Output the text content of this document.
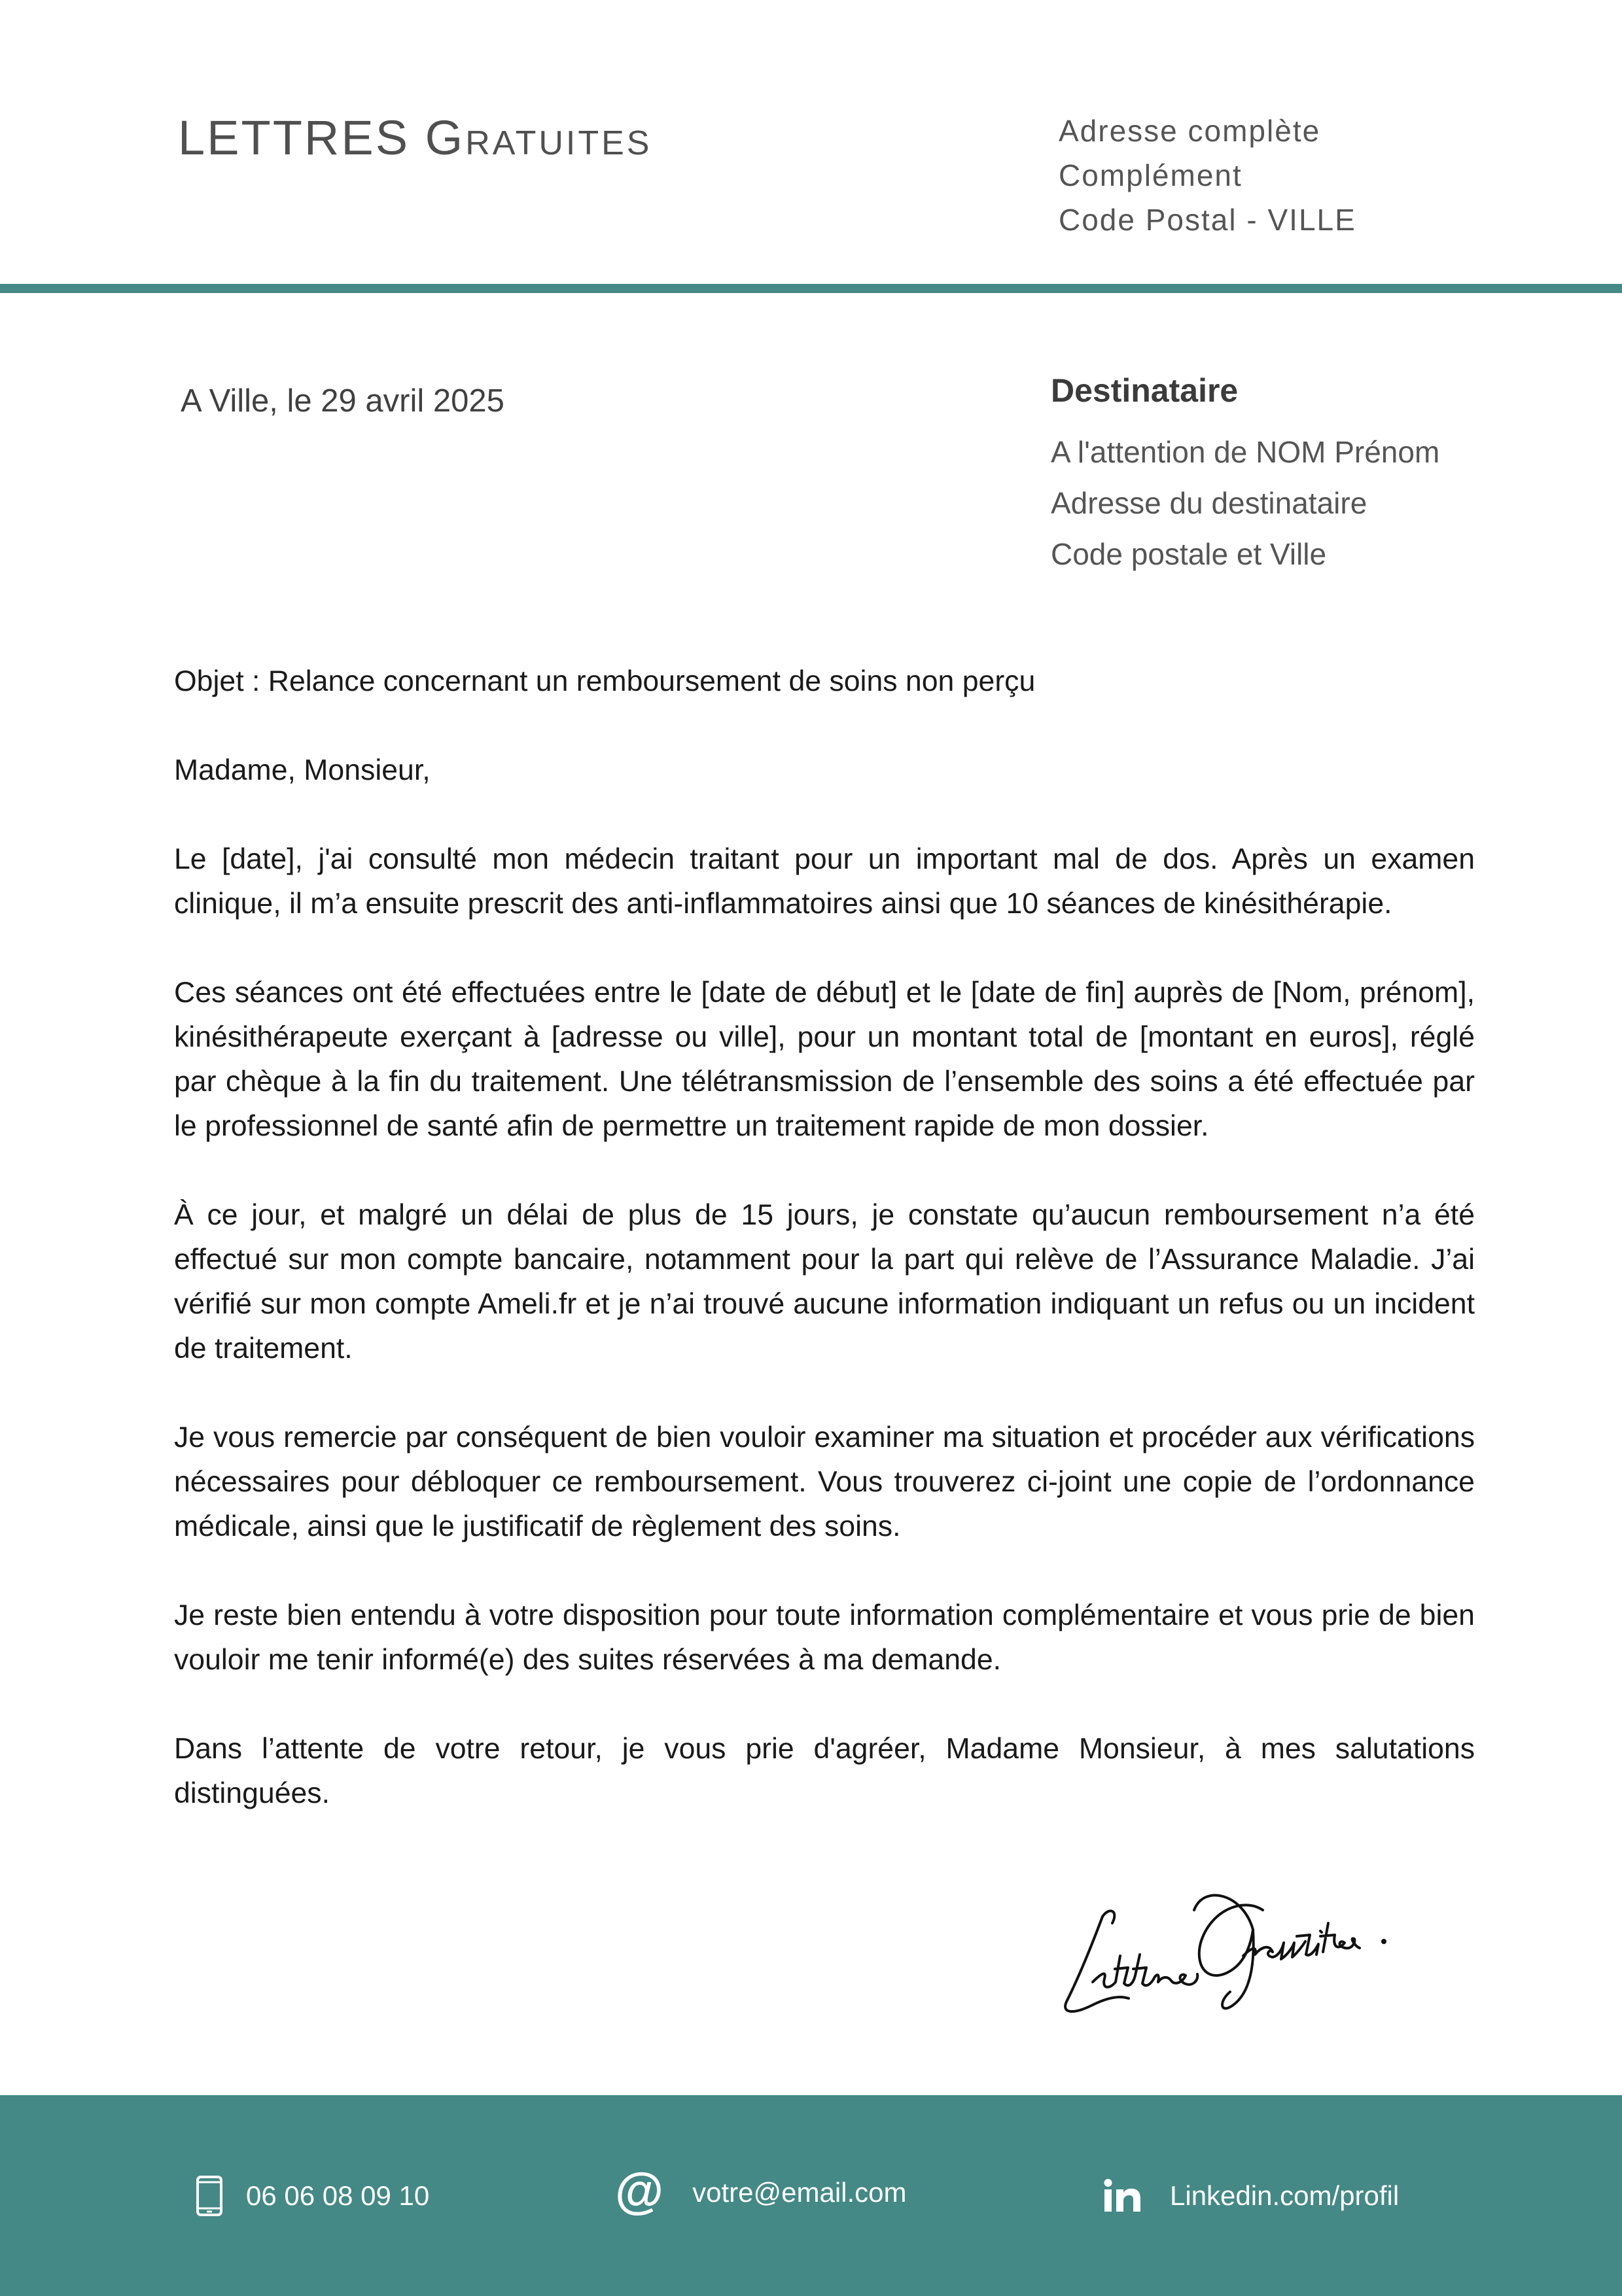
LETTRES Gratuites	Adresse complète
Complément
Code Postal - VILLE
A Ville, le 29 avril 2025	Destinataire
A l'attention de NOM Prénom
Adresse du destinataire
Code postale et Ville

Objet : Relance concernant un remboursement de soins non perçu

Madame, Monsieur,

Le [date], j'ai consulté mon médecin traitant pour un important mal de dos. Après un examen clinique, il m’a ensuite prescrit des anti-inflammatoires ainsi que 10 séances de kinésithérapie.

Ces séances ont été effectuées entre le [date de début] et le [date de fin] auprès de [Nom, prénom], kinésithérapeute exerçant à [adresse ou ville], pour un montant total de [montant en euros], réglé par chèque à la fin du traitement. Une télétransmission de l’ensemble des soins a été effectuée par le professionnel de santé afin de permettre un traitement rapide de mon dossier.

À ce jour, et malgré un délai de plus de 15 jours, je constate qu’aucun remboursement n’a été effectué sur mon compte bancaire, notamment pour la part qui relève de l’Assurance Maladie. J’ai vérifié sur mon compte Ameli.fr et je n’ai trouvé aucune information indiquant un refus ou un incident de traitement.

Je vous remercie par conséquent de bien vouloir examiner ma situation et procéder aux vérifications nécessaires pour débloquer ce remboursement. Vous trouverez ci-joint une copie de l’ordonnance médicale, ainsi que le justificatif de règlement des soins.

Je reste bien entendu à votre disposition pour toute information complémentaire et vous prie de bien vouloir me tenir informé(e) des suites réservées à ma demande.

Dans l’attente de votre retour, je vous prie d'agréer, Madame Monsieur, à mes salutations distinguées.

06 06 08 09 10	@ votre@email.com	Linkedin.com/profil
